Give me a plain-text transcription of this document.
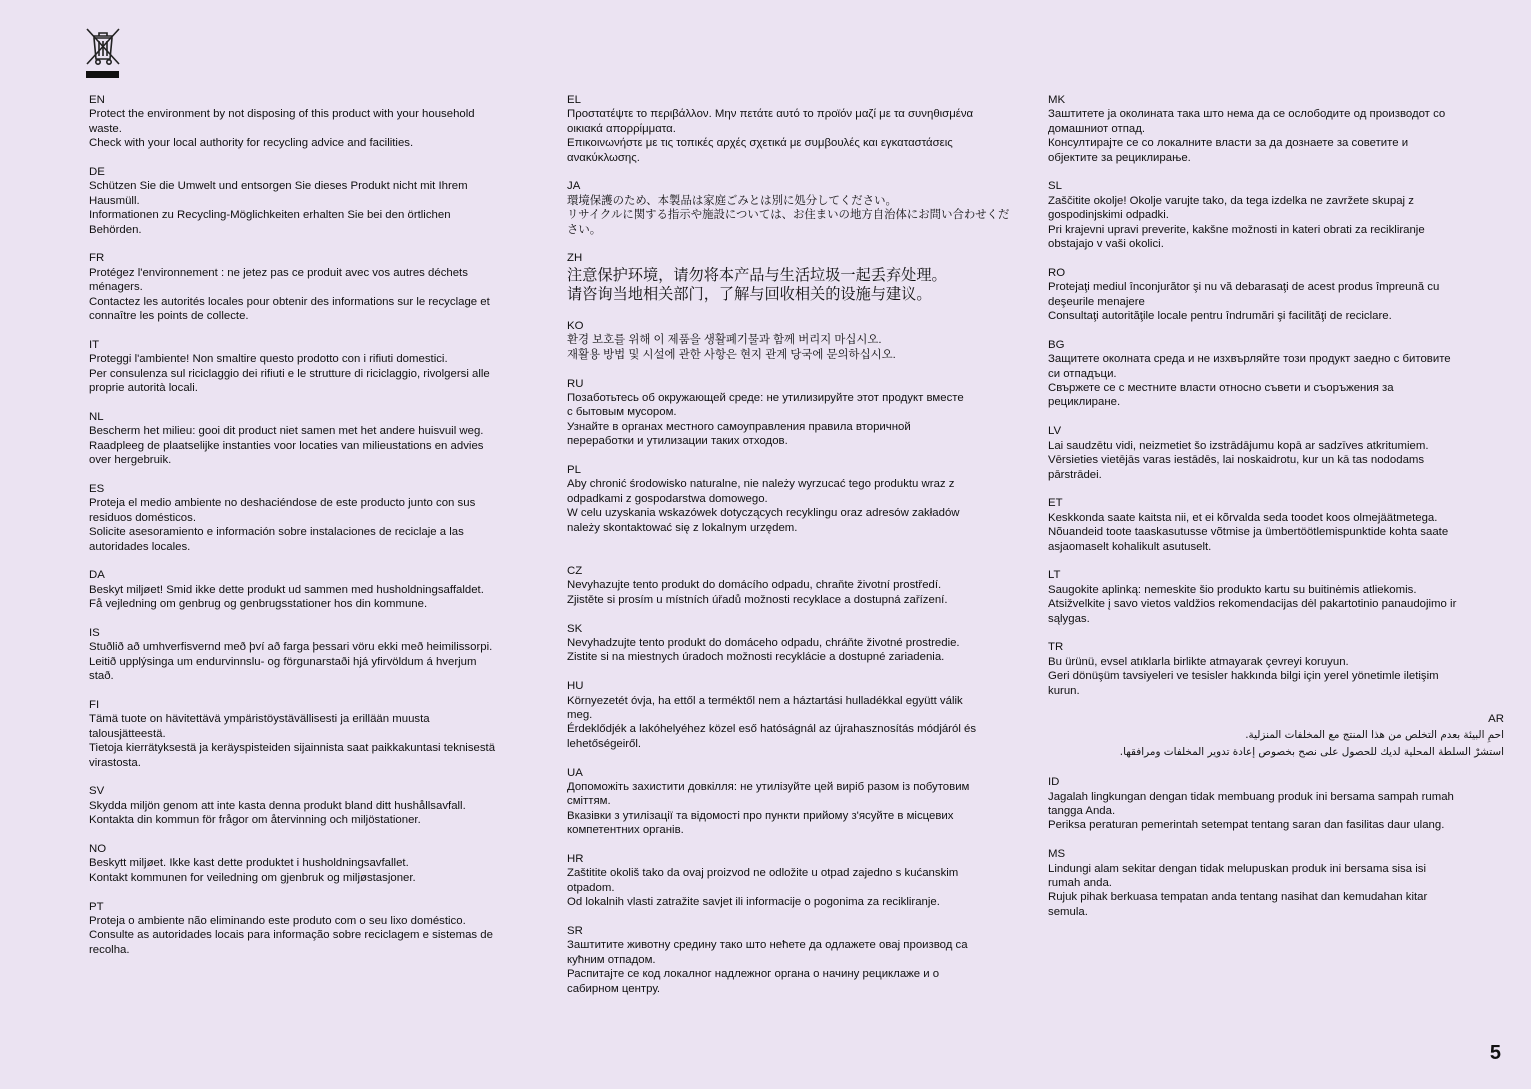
EN
Protect the environment by not disposing of this product with your household
waste.
Check with your local authority for recycling advice and facilities.
DE
Schützen Sie die Umwelt und entsorgen Sie dieses Produkt nicht mit Ihrem
Hausmüll.
Informationen zu Recycling-Möglichkeiten erhalten Sie bei den örtlichen
Behörden.
FR
Protégez l'environnement : ne jetez pas ce produit avec vos autres déchets
ménagers.
Contactez les autorités locales pour obtenir des informations sur le recyclage et
connaître les points de collecte.
IT
Proteggi l'ambiente! Non smaltire questo prodotto con i rifiuti domestici.
Per consulenza sul riciclaggio dei rifiuti e le strutture di riciclaggio, rivolgersi alle
proprie autorità locali.
NL
Bescherm het milieu: gooi dit product niet samen met het andere huisvuil weg.
Raadpleeg de plaatselijke instanties voor locaties van milieustations en advies
over hergebruik.
ES
Proteja el medio ambiente no deshaciéndose de este producto junto con sus
residuos domésticos.
Solicite asesoramiento e información sobre instalaciones de reciclaje a las
autoridades locales.
DA
Beskyt miljøet! Smid ikke dette produkt ud sammen med husholdningsaffaldet.
Få vejledning om genbrug og genbrugsstationer hos din kommune.
IS
Stuðlið að umhverfisvernd með því að farga þessari vöru ekki með heimilissorpi.
Leitið upplýsinga um endurvinnslu- og förgunarstaði hjá yfirvöldum á hverjum
stað.
FI
Tämä tuote on hävitettävä ympäristöystävällisesti ja erillään muusta
talousjätteestä.
Tietoja kierrätyksestä ja keräyspisteiden sijainnista saat paikkakuntasi teknisestä
virastosta.
SV
Skydda miljön genom att inte kasta denna produkt bland ditt hushållsavfall.
Kontakta din kommun för frågor om återvinning och miljöstationer.
NO
Beskytt miljøet. Ikke kast dette produktet i husholdningsavfallet.
Kontakt kommunen for veiledning om gjenbruk og miljøstasjoner.
PT
Proteja o ambiente não eliminando este produto com o seu lixo doméstico.
Consulte as autoridades locais para informação sobre reciclagem e sistemas de
recolha.
EL
Προστατέψτε το περιβάλλον. Μην πετάτε αυτό το προϊόν μαζί με τα συνηθισμένα
οικιακά απορρίμματα.
Επικοινωνήστε με τις τοπικές αρχές σχετικά με συμβουλές και εγκαταστάσεις
ανακύκλωσης.
JA
環境保護のため、本製品は家庭ごみとは別に処分してください。
リサイクルに関する指示や施設については、お住まいの地方自治体にお問い合わせくだ
さい。
ZH
注意保护环境，请勿将本产品与生活垃圾一起丢弃处理。
请咨询当地相关部门，了解与回收相关的设施与建议。
KO
환경 보호를 위해 이 제품을 생활폐기물과 함께 버리지 마십시오.
재활용 방법 및 시설에 관한 사항은 현지 관계 당국에 문의하십시오.
RU
Позаботьтесь об окружающей среде: не утилизируйте этот продукт вместе
с бытовым мусором.
Узнайте в органах местного самоуправления правила вторичной
переработки и утилизации таких отходов.
PL
Aby chronić środowisko naturalne, nie należy wyrzucać tego produktu wraz z
odpadkami z gospodarstwa domowego.
W celu uzyskania wskazówek dotyczących recyklingu oraz adresów zakładów
należy skontaktować się z lokalnym urzędem.
CZ
Nevyhazujte tento produkt do domácího odpadu, chraňte životní prostředí.
Zjistěte si prosím u místních úřadů možnosti recyklace a dostupná zařízení.
SK
Nevyhadzujte tento produkt do domáceho odpadu, chráňte životné prostredie.
Zistite si na miestnych úradoch možnosti recyklácie a dostupné zariadenia.
HU
Környezetét óvja, ha ettől a terméktől nem a háztartási hulladékkal együtt válik
meg.
Érdeklődjék a lakóhelyéhez közel eső hatóságnál az újrahasznosítás módjáról és
lehetőségeiről.
UA
Допоможіть захистити довкілля: не утилізуйте цей виріб разом із побутовим
сміттям.
Вказівки з утилізації та відомості про пункти прийому з'ясуйте в місцевих
компетентних органів.
HR
Zaštitite okoliš tako da ovaj proizvod ne odložite u otpad zajedno s kućanskim
otpadom.
Od lokalnih vlasti zatražite savjet ili informacije o pogonima za recikliranje.
SR
Заштитите животну средину тако што нећете да одлажете овај производ са
кућним отпадом.
Распитајте се код локалног надлежног органа о начину рециклаже и о
сабирном центру.
MK
Заштитете ја околината така што нема да се ослободите од производот со
домашниот отпад.
Консултирајте се со локалните власти за да дознаете за советите и
објектите за рециклирање.
SL
Zaščitite okolje! Okolje varujte tako, da tega izdelka ne zavržete skupaj z
gospodinjskimi odpadki.
Pri krajevni upravi preverite, kakšne možnosti in kateri obrati za recikliranje
obstajajo v vaši okolici.
RO
Protejaţi mediul înconjurător şi nu vă debarasaţi de acest produs împreună cu
deşeurile menajere
Consultaţi autorităţile locale pentru îndrumări şi facilităţi de reciclare.
BG
Защитете околната среда и не изхвърляйте този продукт заедно с битовите
си отпадъци.
Свържете се с местните власти относно съвети и съоръжения за
рециклиране.
LV
Lai saudzētu vidi, neizmetiet šo izstrādājumu kopā ar sadzīves atkritumiem.
Vērsieties vietējās varas iestādēs, lai noskaidrotu, kur un kā tas nododams
pārstrādei.
ET
Keskkonda saate kaitsta nii, et ei kõrvalda seda toodet koos olmejäätmetega.
Nõuandeid toote taaskasutusse võtmise ja ümbertöötlemispunktide kohta saate
asjaomaselt kohalikult asutuselt.
LT
Saugokite aplinką: nemeskite šio produkto kartu su buitinėmis atliekomis.
Atsižvelkite į savo vietos valdžios rekomendacijas dėl pakartotinio panaudojimo ir
sąlygas.
TR
Bu ürünü, evsel atıklarla birlikte atmayarak çevreyi koruyun.
Geri dönüşüm tavsiyeleri ve tesisler hakkında bilgi için yerel yönetimle iletişim
kurun.
AR
احمِ البيئة بعدم التخلص من هذا المنتج مع المخلفات المنزلية.
استشرْ السلطة المحلية لديك للحصول على نصح بخصوص إعادة تدوير المخلفات ومرافقها.
ID
Jagalah lingkungan dengan tidak membuang produk ini bersama sampah rumah
tangga Anda.
Periksa peraturan pemerintah setempat tentang saran dan fasilitas daur ulang.
MS
Lindungi alam sekitar dengan tidak melupuskan produk ini bersama sisa isi
rumah anda.
Rujuk pihak berkuasa tempatan anda tentang nasihat dan kemudahan kitar
semula.
5
